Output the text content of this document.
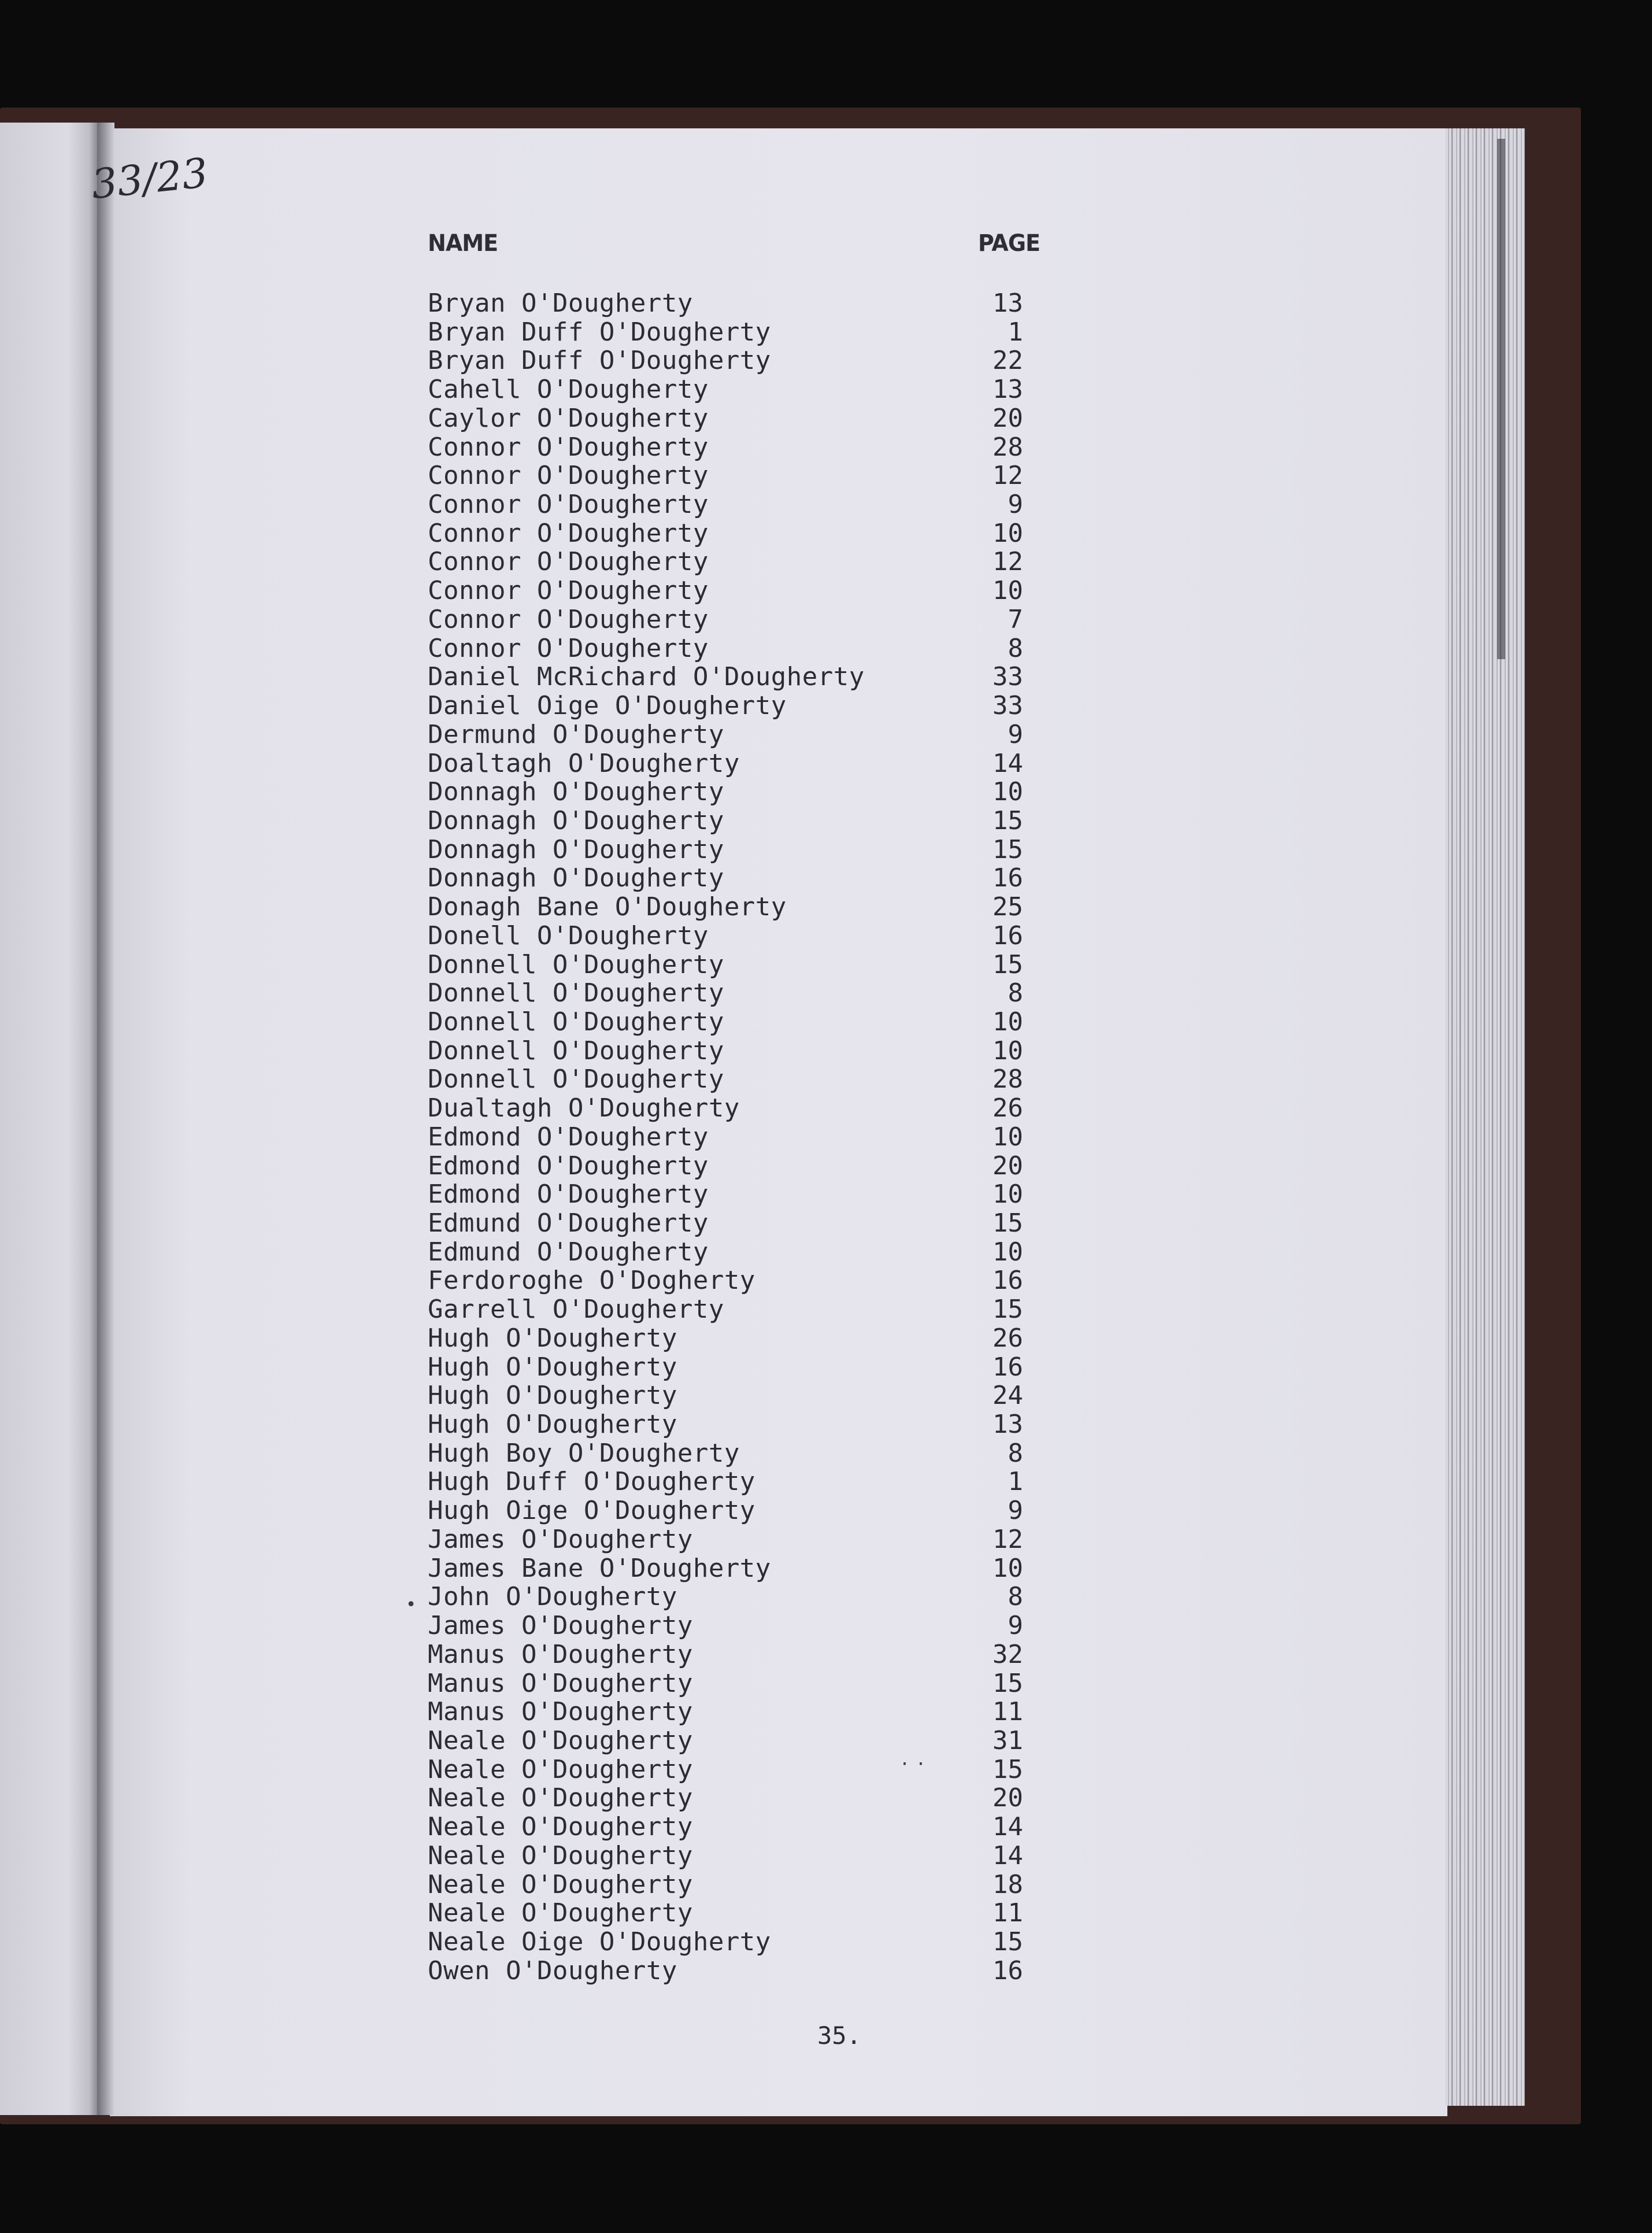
33/23
NAME	PAGE
Bryan O'Dougherty	13
Bryan Duff O'Dougherty	1
Bryan Duff O'Dougherty	22
Cahell O'Dougherty	13
Caylor O'Dougherty	20
Connor O'Dougherty	28
Connor O'Dougherty	12
Connor O'Dougherty	9
Connor O'Dougherty	10
Connor O'Dougherty	12
Connor O'Dougherty	10
Connor O'Dougherty	7
Connor O'Dougherty	8
Daniel McRichard O'Dougherty	33
Daniel Oige O'Dougherty	33
Dermund O'Dougherty	9
Doaltagh O'Dougherty	14
Donnagh O'Dougherty	10
Donnagh O'Dougherty	15
Donnagh O'Dougherty	15
Donnagh O'Dougherty	16
Donagh Bane O'Dougherty	25
Donell O'Dougherty	16
Donnell O'Dougherty	15
Donnell O'Dougherty	8
Donnell O'Dougherty	10
Donnell O'Dougherty	10
Donnell O'Dougherty	28
Dualtagh O'Dougherty	26
Edmond O'Dougherty	10
Edmond O'Dougherty	20
Edmond O'Dougherty	10
Edmund O'Dougherty	15
Edmund O'Dougherty	10
Ferdoroghe O'Dogherty	16
Garrell O'Dougherty	15
Hugh O'Dougherty	26
Hugh O'Dougherty	16
Hugh O'Dougherty	24
Hugh O'Dougherty	13
Hugh Boy O'Dougherty	8
Hugh Duff O'Dougherty	1
Hugh Oige O'Dougherty	9
James O'Dougherty	12
James Bane O'Dougherty	10
John O'Dougherty	8
James O'Dougherty	9
Manus O'Dougherty	32
Manus O'Dougherty	15
Manus O'Dougherty	11
Neale O'Dougherty	31
Neale O'Dougherty	15
Neale O'Dougherty	20
Neale O'Dougherty	14
Neale O'Dougherty	14
Neale O'Dougherty	18
Neale O'Dougherty	11
Neale Oige O'Dougherty	15
Owen O'Dougherty	16
•
··
35.
